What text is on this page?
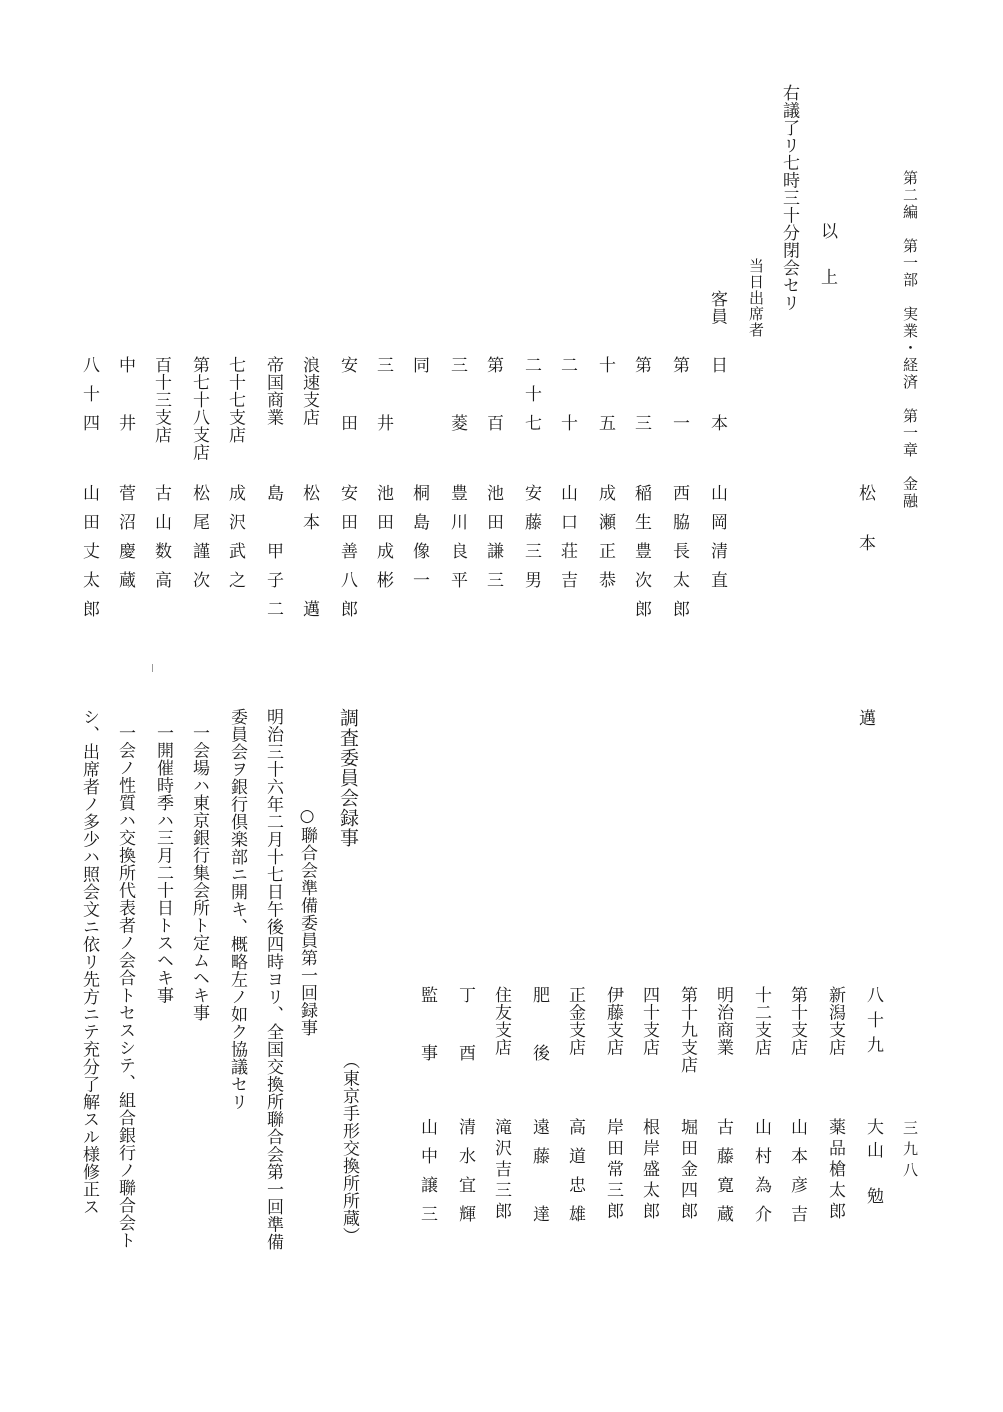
第二編　第一部　実業・経済　第一章　金融
三九八
松　本　　　　　　邁
以　上
右議了リ七時三十分閉会セリ
当日出席者
客員
日　本
山岡清直
第　一
西脇長太郎
第　三
稲生豊次郎
十　五
成瀬正恭
二　十
山口荘吉
二十七
安藤三男
第　百
池田謙三
三　菱
豊川良平
同
桐島像一
三　井
池田成彬
安　田
安田善八郎
浪速支店
松本　　邁
帝国商業
島　甲子二
七十七支店
成沢武之
第七十八支店
松尾謹次
百十三支店
古山数高
中　井
菅沼慶蔵
八十四
山田丈太郎
八十九
大山　勉
新潟支店
薬品槍太郎
第十支店
山本彦吉
十二支店
山村為介
明治商業
古藤寛蔵
第十九支店
堀田金四郎
四十支店
根岸盛太郎
伊藤支店
岸田常三郎
正金支店
高道忠雄
肥　後
遠藤　達
住友支店
滝沢吉三郎
丁　酉
清水宜輝
監　事
山中譲三
（東京手形交換所所蔵）
調査委員会録事
○聯合会準備委員第一回録事
明治三十六年二月十七日午後四時ヨリ、全国交換所聯合会第一回準備
委員会ヲ銀行倶楽部ニ開キ、概略左ノ如ク協議セリ
一会場ハ東京銀行集会所ト定ムヘキ事
一開催時季ハ三月二十日トスヘキ事
一会ノ性質ハ交換所代表者ノ会合トセスシテ、組合銀行ノ聯合会ト
シ、出席者ノ多少ハ照会文ニ依リ先方ニテ充分了解スル様修正ス
